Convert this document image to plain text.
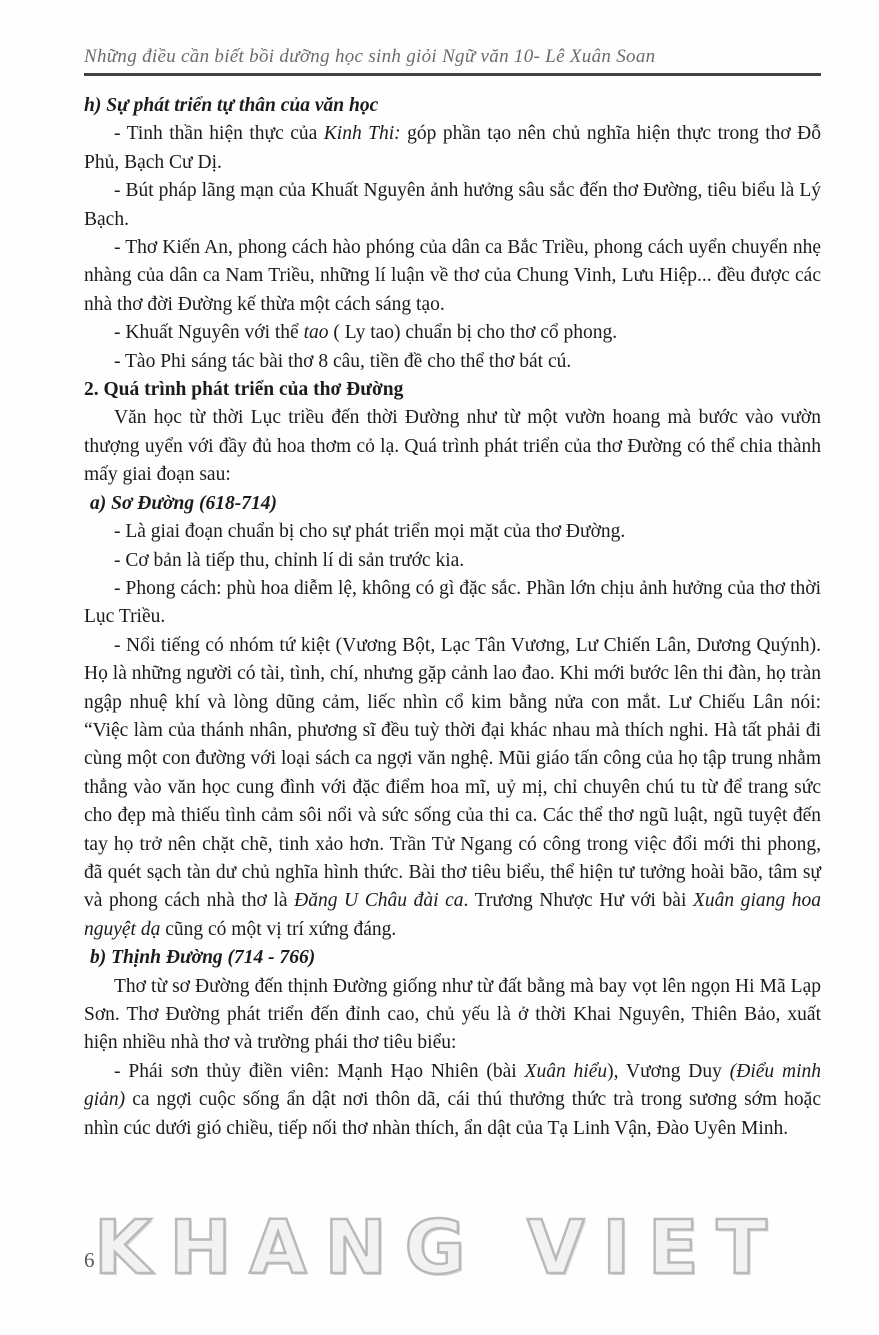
Những điều cần biết bồi dưỡng học sinh giỏi Ngữ văn 10- Lê Xuân Soan

h) Sự phát triển tự thân của văn học

- Tinh thần hiện thực của Kinh Thi: góp phần tạo nên chủ nghĩa hiện thực trong thơ Đỗ Phủ, Bạch Cư Dị.

- Bút pháp lãng mạn của Khuất Nguyên ảnh hưởng sâu sắc đến thơ Đường, tiêu biểu là Lý Bạch.

- Thơ Kiến An, phong cách hào phóng của dân ca Bắc Triều, phong cách uyển chuyển nhẹ nhàng của dân ca Nam Triều, những lí luận về thơ của Chung Vinh, Lưu Hiệp... đều được các nhà thơ đời Đường kế thừa một cách sáng tạo.

- Khuất Nguyên với thể tao ( Ly tao) chuẩn bị cho thơ cổ phong.

- Tào Phi sáng tác bài thơ 8 câu, tiền đề cho thể thơ bát cú.

2. Quá trình phát triển của thơ Đường

Văn học từ thời Lục triều đến thời Đường như từ một vườn hoang mà bước vào vườn thượng uyển với đầy đủ hoa thơm cỏ lạ. Quá trình phát triển của thơ Đường có thể chia thành mấy giai đoạn sau:

a) Sơ Đường (618-714)

- Là giai đoạn chuẩn bị cho sự phát triển mọi mặt của thơ Đường.

- Cơ bản là tiếp thu, chỉnh lí di sản trước kia.

- Phong cách: phù hoa diễm lệ, không có gì đặc sắc. Phần lớn chịu ảnh hưởng của thơ thời Lục Triều.

- Nổi tiếng có nhóm tứ kiệt (Vương Bột, Lạc Tân Vương, Lư Chiến Lân, Dương Quýnh). Họ là những người có tài, tình, chí, nhưng gặp cảnh lao đao. Khi mới bước lên thi đàn, họ tràn ngập nhuệ khí và lòng dũng cảm, liếc nhìn cổ kim bằng nửa con mắt. Lư Chiếu Lân nói: “Việc làm của thánh nhân, phương sĩ đều tuỳ thời đại khác nhau mà thích nghi. Hà tất phải đi cùng một con đường với loại sách ca ngợi văn nghệ. Mũi giáo tấn công của họ tập trung nhằm thẳng vào văn học cung đình với đặc điểm hoa mĩ, uỷ mị, chỉ chuyên chú tu từ để trang sức cho đẹp mà thiếu tình cảm sôi nổi và sức sống của thi ca. Các thể thơ ngũ luật, ngũ tuyệt đến tay họ trở nên chặt chẽ, tinh xảo hơn. Trần Tử Ngang có công trong việc đổi mới thi phong, đã quét sạch tàn dư chủ nghĩa hình thức. Bài thơ tiêu biểu, thể hiện tư tưởng hoài bão, tâm sự và phong cách nhà thơ là Đăng U Châu đài ca. Trương Nhược Hư với bài Xuân giang hoa nguyệt dạ cũng có một vị trí xứng đáng.

b) Thịnh Đường (714 - 766)

Thơ từ sơ Đường đến thịnh Đường giống như từ đất bằng mà bay vọt lên ngọn Hi Mã Lạp Sơn. Thơ Đường phát triển đến đỉnh cao, chủ yếu là ở thời Khai Nguyên, Thiên Bảo, xuất hiện nhiều nhà thơ và trường phái thơ tiêu biểu:

- Phái sơn thủy điền viên: Mạnh Hạo Nhiên (bài Xuân hiểu), Vương Duy (Điểu minh giản) ca ngợi cuộc sống ẩn dật nơi thôn dã, cái thú thưởng thức trà trong sương sớm hoặc nhìn cúc dưới gió chiều, tiếp nối thơ nhàn thích, ẩn dật của Tạ Linh Vận, Đào Uyên Minh.

6 KHANG VIET
